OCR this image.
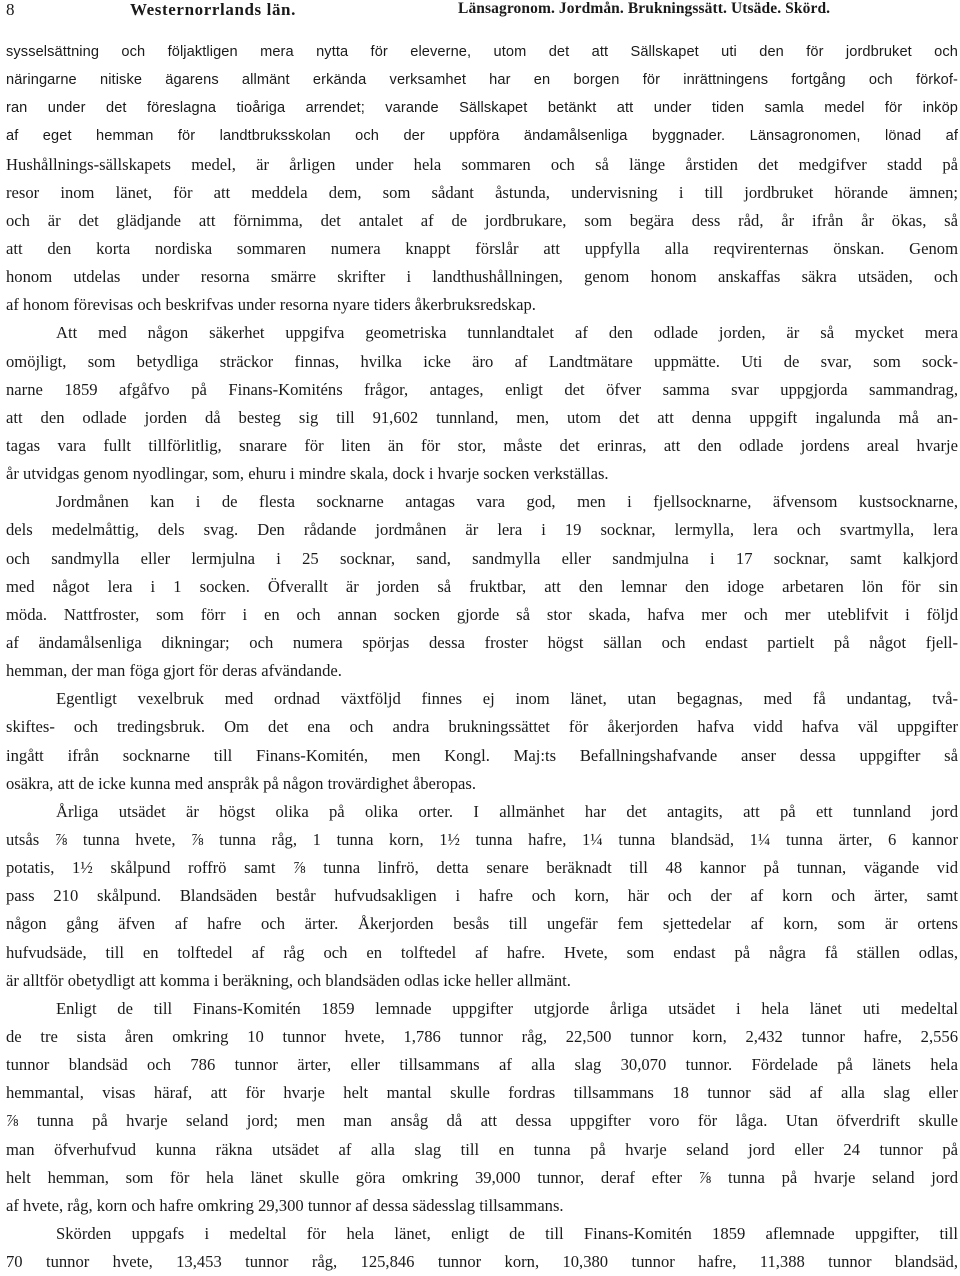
8	Westernorrlands län.	Länsagronom. Jordmån. Brukningssätt. Utsäde. Skörd.
sysselsättning och följaktligen mera nytta för eleverne, utom det att Sällskapet uti den för jordbruket och
näringarne nitiske ägarens allmänt erkända verksamhet har en borgen för inrättningens fortgång och förkof-
ran under det föreslagna tioåriga arrendet; varande Sällskapet betänkt att under tiden samla medel för inköp
af eget hemman för landtbruksskolan och der uppföra ändamålsenliga byggnader. Länsagronomen, lönad af
Hushållnings-sällskapets medel, är årligen under hela sommaren och så länge årstiden det medgifver stadd på
resor inom länet, för att meddela dem, som sådant åstunda, undervisning i till jordbruket hörande ämnen;
och är det glädjande att förnimma, det antalet af de jordbrukare, som begära dess råd, år ifrån år ökas, så
att den korta nordiska sommaren numera knappt förslår att uppfylla alla reqvirenternas önskan. Genom
honom utdelas under resorna smärre skrifter i landthushållningen, genom honom anskaffas säkra utsäden, och
af honom förevisas och beskrifvas under resorna nyare tiders åkerbruksredskap.
Att med någon säkerhet uppgifva geometriska tunnlandtalet af den odlade jorden, är så mycket mera
omöjligt, som betydliga sträckor finnas, hvilka icke äro af Landtmätare uppmätte. Uti de svar, som sock-
narne 1859 afgåfvo på Finans-Komiténs frågor, antages, enligt det öfver samma svar uppgjorda sammandrag,
att den odlade jorden då besteg sig till 91,602 tunnland, men, utom det att denna uppgift ingalunda må an-
tagas vara fullt tillförlitlig, snarare för liten än för stor, måste det erinras, att den odlade jordens areal hvarje
år utvidgas genom nyodlingar, som, ehuru i mindre skala, dock i hvarje socken verkställas.
Jordmånen kan i de flesta socknarne antagas vara god, men i fjellsocknarne, äfvensom kustsocknarne,
dels medelmåttig, dels svag. Den rådande jordmånen är lera i 19 socknar, lermylla, lera och svartmylla, lera
och sandmylla eller lermjulna i 25 socknar, sand, sandmylla eller sandmjulna i 17 socknar, samt kalkjord
med något lera i 1 socken. Öfverallt är jorden så fruktbar, att den lemnar den idoge arbetaren lön för sin
möda. Nattfroster, som förr i en och annan socken gjorde så stor skada, hafva mer och mer uteblifvit i följd
af ändamålsenliga dikningar; och numera spörjas dessa froster högst sällan och endast partielt på något fjell-
hemman, der man föga gjort för deras afvändande.
Egentligt vexelbruk med ordnad växtföljd finnes ej inom länet, utan begagnas, med få undantag, två-
skiftes- och tredingsbruk. Om det ena och andra brukningssättet för åkerjorden hafva vidd hafva väl uppgifter
ingått ifrån socknarne till Finans-Komitén, men Kongl. Maj:ts Befallningshafvande anser dessa uppgifter så
osäkra, att de icke kunna med anspråk på någon trovärdighet åberopas.
Årliga utsädet är högst olika på olika orter. I allmänhet har det antagits, att på ett tunnland jord
utsås ⅞ tunna hvete, ⅞ tunna råg, 1 tunna korn, 1½ tunna hafre, 1¼ tunna blandsäd, 1¼ tunna ärter, 6 kannor
potatis, 1½ skålpund roffrö samt ⅞ tunna linfrö, detta senare beräknadt till 48 kannor på tunnan, vägande vid
pass 210 skålpund. Blandsäden består hufvudsakligen i hafre och korn, här och der af korn och ärter, samt
någon gång äfven af hafre och ärter. Åkerjorden besås till ungefär fem sjettedelar af korn, som är ortens
hufvudsäde, till en tolftedel af råg och en tolftedel af hafre. Hvete, som endast på några få ställen odlas,
är alltför obetydligt att komma i beräkning, och blandsäden odlas icke heller allmänt.
Enligt de till Finans-Komitén 1859 lemnade uppgifter utgjorde årliga utsädet i hela länet uti medeltal
de tre sista åren omkring 10 tunnor hvete, 1,786 tunnor råg, 22,500 tunnor korn, 2,432 tunnor hafre, 2,556
tunnor blandsäd och 786 tunnor ärter, eller tillsammans af alla slag 30,070 tunnor. Fördelade på länets hela
hemmantal, visas häraf, att för hvarje helt mantal skulle fordras tillsammans 18 tunnor säd af alla slag eller
⅞ tunna på hvarje seland jord; men man ansåg då att dessa uppgifter voro för låga. Utan öfverdrift skulle
man öfverhufvud kunna räkna utsädet af alla slag till en tunna på hvarje seland jord eller 24 tunnor på
helt hemman, som för hela länet skulle göra omkring 39,000 tunnor, deraf efter ⅞ tunna på hvarje seland jord
af hvete, råg, korn och hafre omkring 29,300 tunnor af dessa sädesslag tillsammans.
Skörden uppgafs i medeltal för hela länet, enligt de till Finans-Komitén 1859 aflemnade uppgifter, till
70 tunnor hvete, 13,453 tunnor råg, 125,846 tunnor korn, 10,380 tunnor hafre, 11,388 tunnor blandsäd,
